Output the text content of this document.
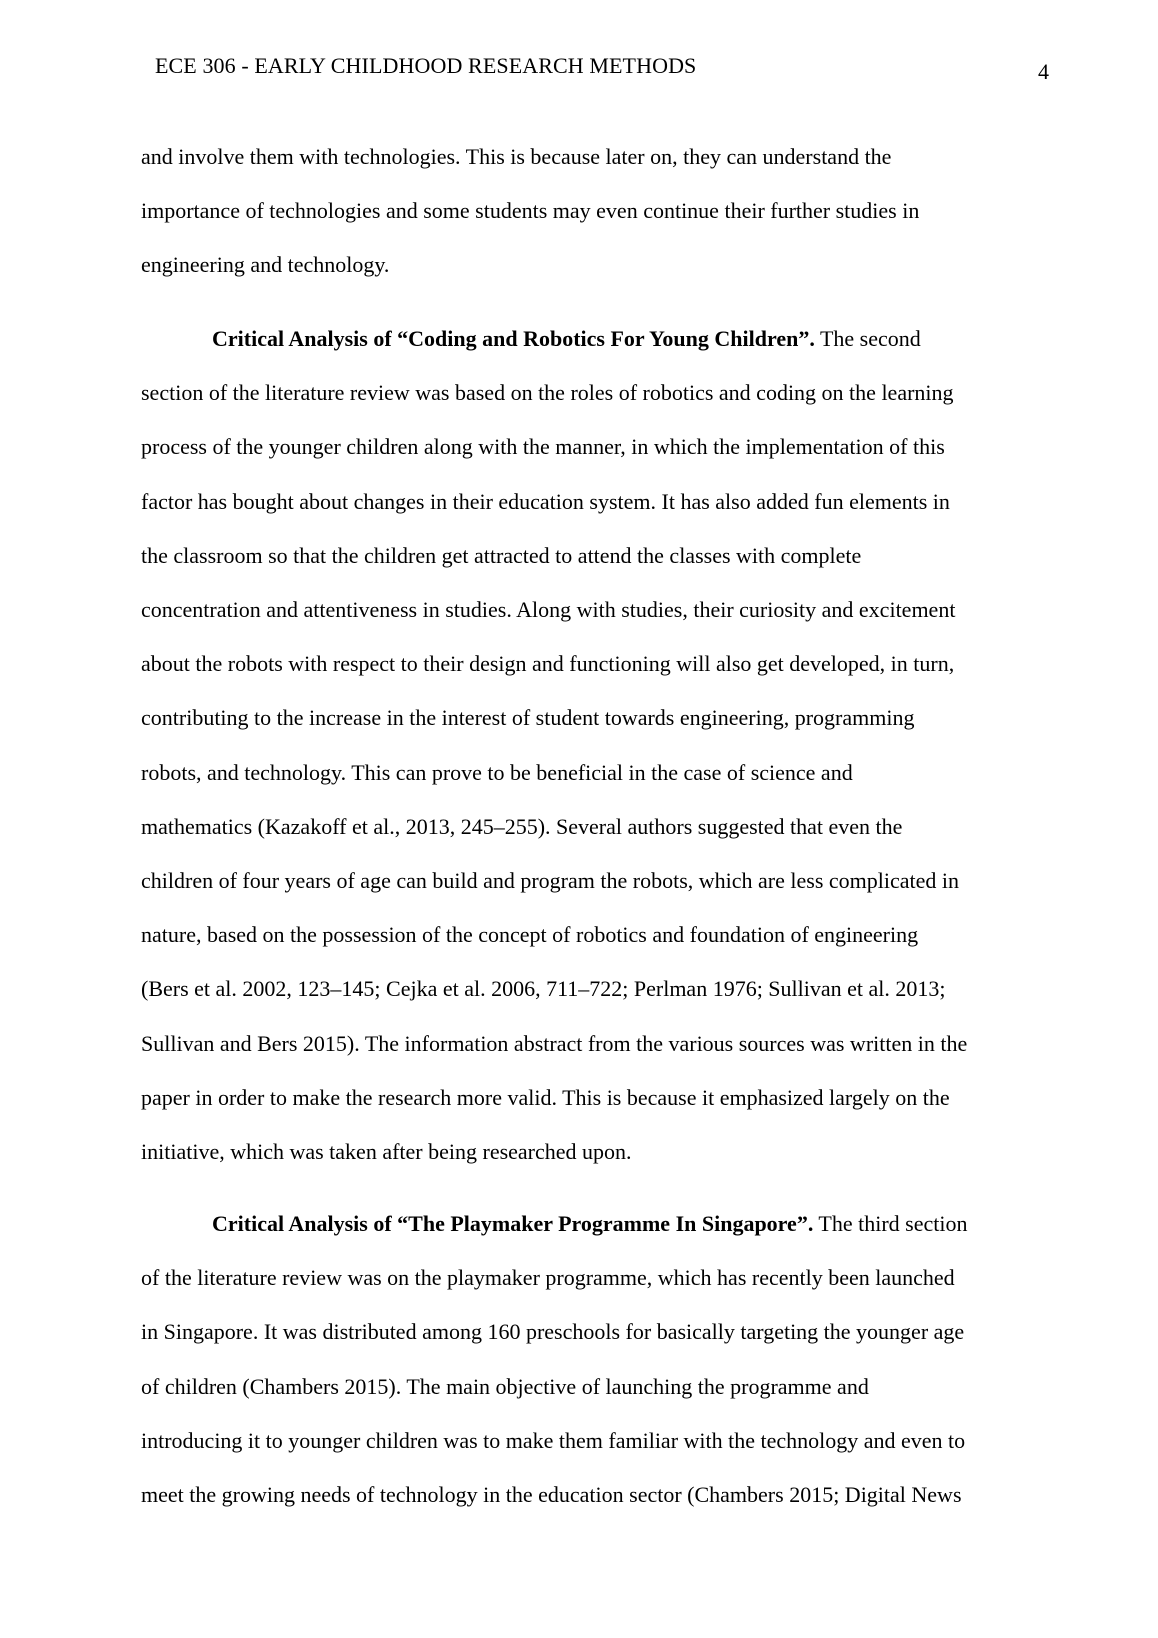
ECE 306 - EARLY CHILDHOOD RESEARCH METHODS	4
and involve them with technologies. This is because later on, they can understand the
importance of technologies and some students may even continue their further studies in
engineering and technology.
Critical Analysis of “Coding and Robotics For Young Children”. The second
section of the literature review was based on the roles of robotics and coding on the learning
process of the younger children along with the manner, in which the implementation of this
factor has bought about changes in their education system. It has also added fun elements in
the classroom so that the children get attracted to attend the classes with complete
concentration and attentiveness in studies. Along with studies, their curiosity and excitement
about the robots with respect to their design and functioning will also get developed, in turn,
contributing to the increase in the interest of student towards engineering, programming
robots, and technology. This can prove to be beneficial in the case of science and
mathematics (Kazakoff et al., 2013, 245–255). Several authors suggested that even the
children of four years of age can build and program the robots, which are less complicated in
nature, based on the possession of the concept of robotics and foundation of engineering
(Bers et al. 2002, 123–145; Cejka et al. 2006, 711–722; Perlman 1976; Sullivan et al. 2013;
Sullivan and Bers 2015). The information abstract from the various sources was written in the
paper in order to make the research more valid. This is because it emphasized largely on the
initiative, which was taken after being researched upon.
Critical Analysis of “The Playmaker Programme In Singapore”. The third section
of the literature review was on the playmaker programme, which has recently been launched
in Singapore. It was distributed among 160 preschools for basically targeting the younger age
of children (Chambers 2015). The main objective of launching the programme and
introducing it to younger children was to make them familiar with the technology and even to
meet the growing needs of technology in the education sector (Chambers 2015; Digital News
